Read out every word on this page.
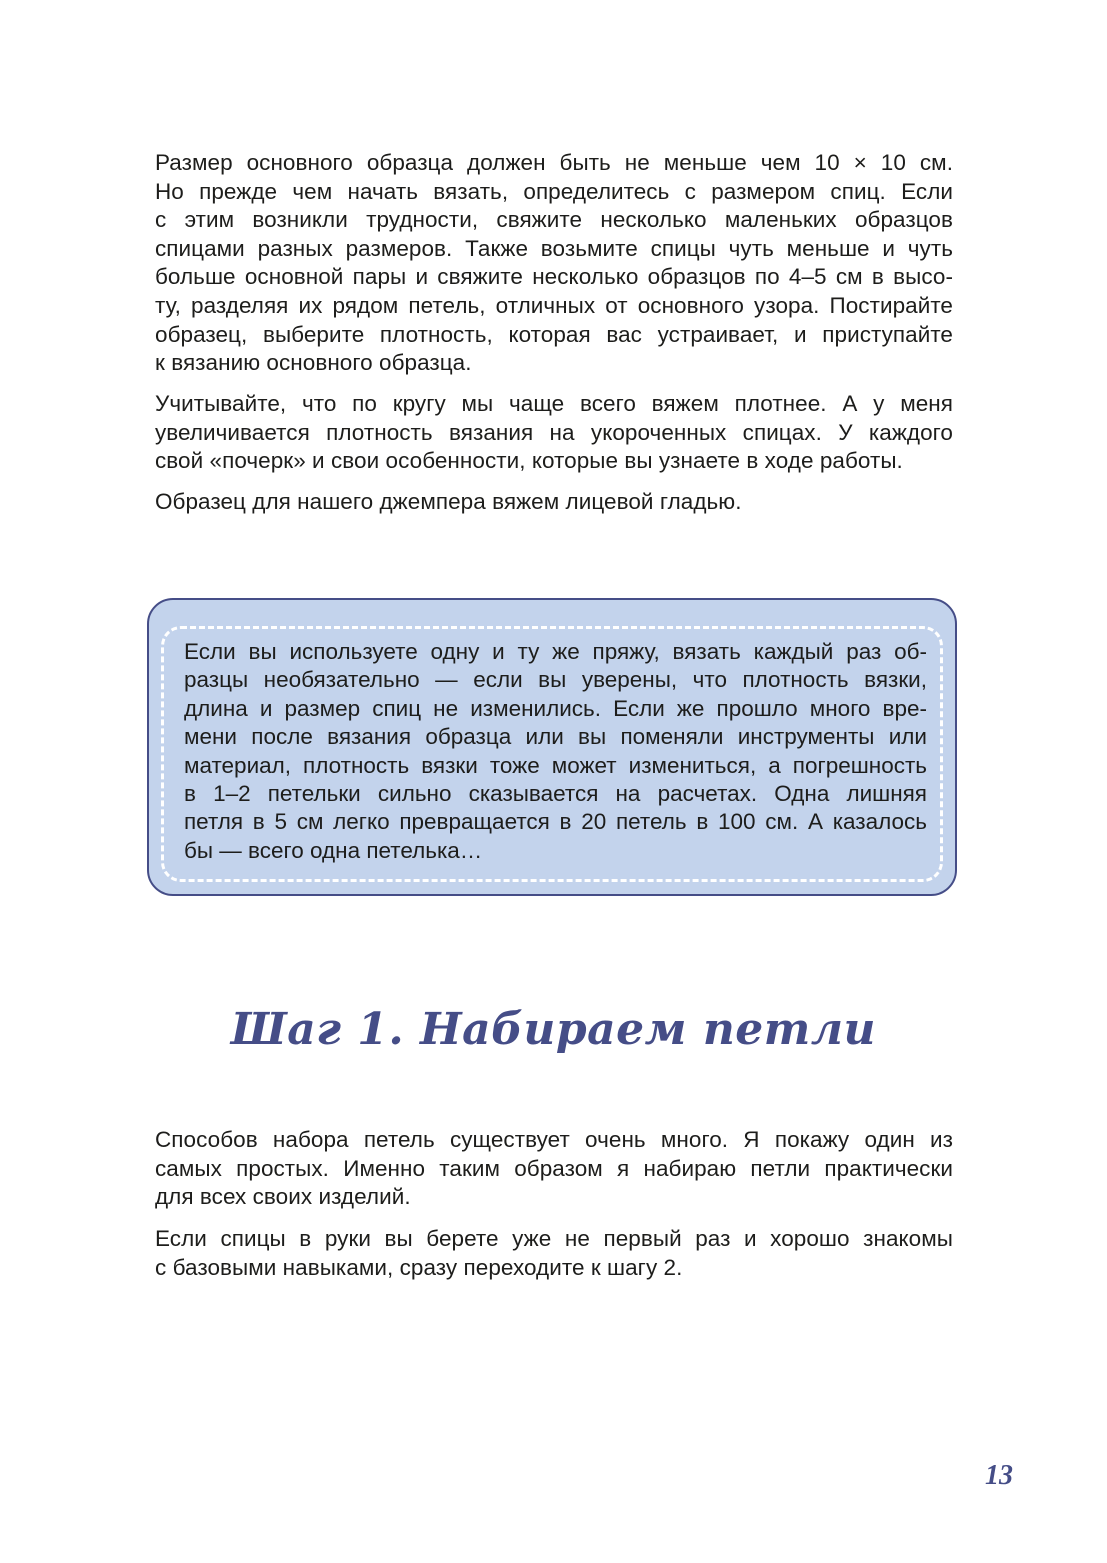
Размер основного образца должен быть не меньше чем 10 × 10 см.
Но прежде чем начать вязать, определитесь с размером спиц. Если
с этим возникли трудности, свяжите несколько маленьких образцов
спицами разных размеров. Также возьмите спицы чуть меньше и чуть
больше основной пары и свяжите несколько образцов по 4–5 см в высо-
ту, разделяя их рядом петель, отличных от основного узора. Постирайте
образец, выберите плотность, которая вас устраивает, и приступайте
к вязанию основного образца.

Учитывайте, что по кругу мы чаще всего вяжем плотнее. А у меня
увеличивается плотность вязания на укороченных спицах. У каждого
свой «почерк» и свои особенности, которые вы узнаете в ходе работы.

Образец для нашего джемпера вяжем лицевой гладью.

Если вы используете одну и ту же пряжу, вязать каждый раз об-
разцы необязательно — если вы уверены, что плотность вязки,
длина и размер спиц не изменились. Если же прошло много вре-
мени после вязания образца или вы поменяли инструменты или
материал, плотность вязки тоже может измениться, а погрешность
в 1–2 петельки сильно сказывается на расчетах. Одна лишняя
петля в 5 см легко превращается в 20 петель в 100 см. А казалось
бы — всего одна петелька…

Шаг 1. Набираем петли

Способов набора петель существует очень много. Я покажу один из
самых простых. Именно таким образом я набираю петли практически
для всех своих изделий.

Если спицы в руки вы берете уже не первый раз и хорошо знакомы
с базовыми навыками, сразу переходите к шагу 2.

13
